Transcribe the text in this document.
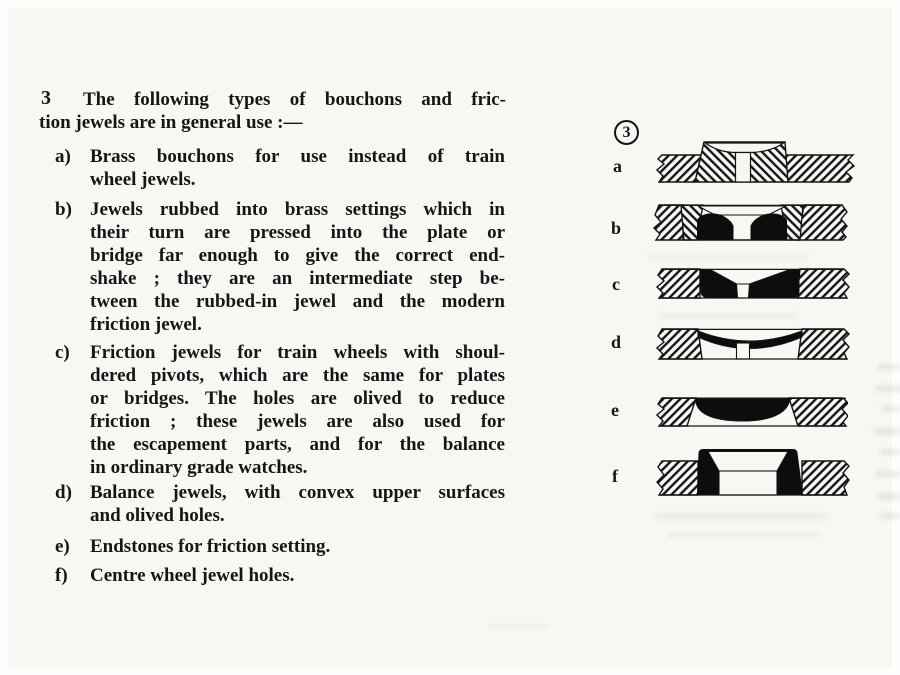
3 The following types of bouchons and fric-
tion jewels are in general use :—
a) Brass bouchons for use instead of train
wheel jewels.
b) Jewels rubbed into brass settings which in
their turn are pressed into the plate or
bridge far enough to give the correct end-
shake ; they are an intermediate step be-
tween the rubbed-in jewel and the modern
friction jewel.
c) Friction jewels for train wheels with shoul-
dered pivots, which are the same for plates
or bridges. The holes are olived to reduce
friction ; these jewels are also used for
the escapement parts, and for the balance
in ordinary grade watches.
d) Balance jewels, with convex upper surfaces
and olived holes.
e) Endstones for friction setting.
f) Centre wheel jewel holes.
3
a
b
c
d
e
f
